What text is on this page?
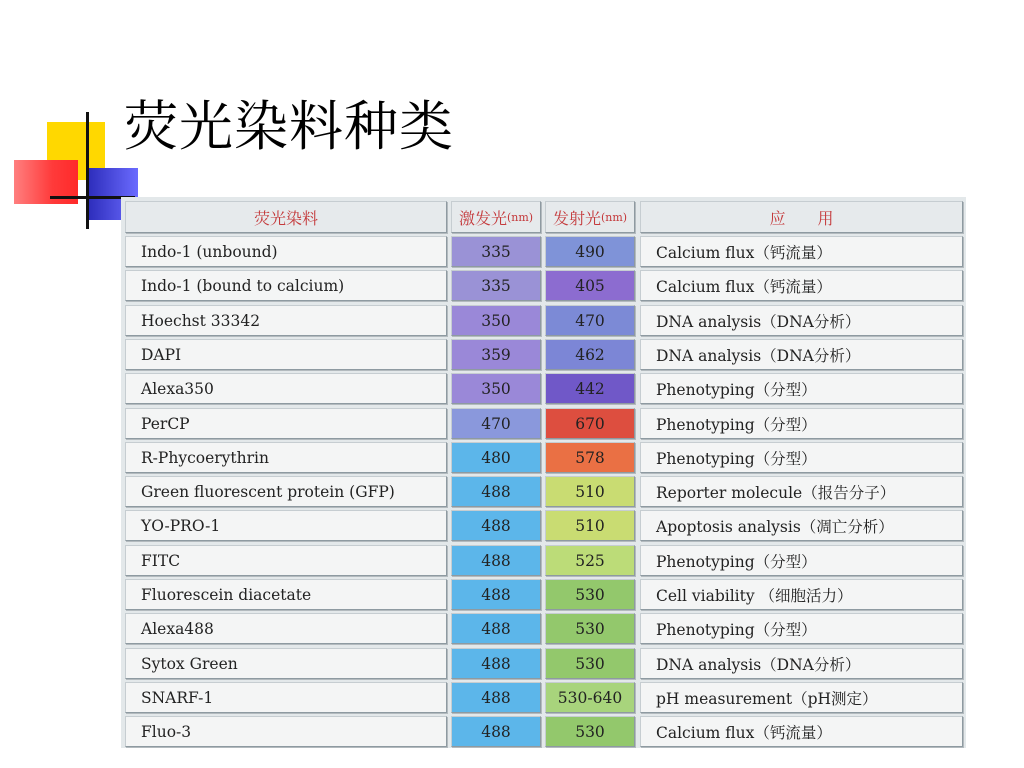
荧光染料种类
荧光染料	激发光 (nm) 发射光 (nm)	应　　用
Indo-1 (unbound)	335	490	Calcium flux（钙流量）
Indo-1 (bound to calcium)	335	405	Calcium flux（钙流量）
Hoechst 33342	350	470	DNA analysis（DNA分析）
DAPI	359	462	DNA analysis（DNA分析）
Alexa350	350	442	Phenotyping（分型）
PerCP	470	670	Phenotyping（分型）
R-Phycoerythrin	480	578	Phenotyping（分型）
Green fluorescent protein (GFP)	488	510	Reporter molecule（报告分子）
YO-PRO-1	488	510	Apoptosis analysis（凋亡分析）
FITC	488	525	Phenotyping（分型）
Fluorescein diacetate	488	530	Cell viability （细胞活力）
Alexa488	488	530	Phenotyping（分型）
Sytox Green	488	530	DNA analysis（DNA分析）
SNARF-1	488	530-640	pH measurement（pH测定）
Fluo-3	488	530	Calcium flux（钙流量）
